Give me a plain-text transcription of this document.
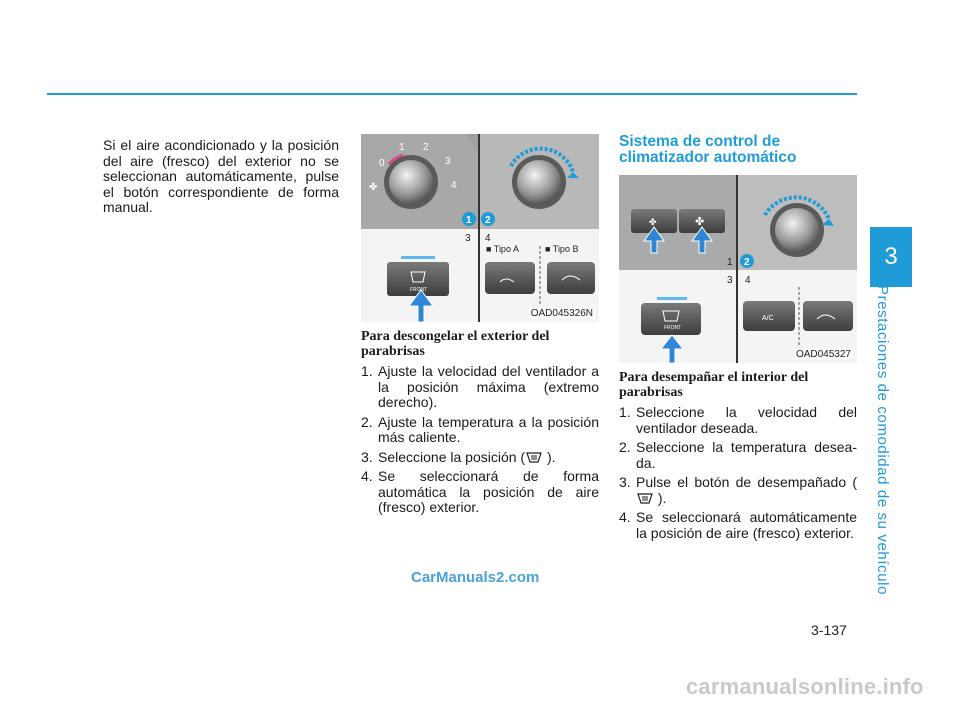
Si el aire acondicionado y la posición del aire (fresco) del exterior no se seleccionan automáticamente, pulse el botón correspondiente de forma manual.

0
1 2
3
4
✤
1 2
3 4
■ Tipo A	■ Tipo B
FRONT
OAD045326N

Para descongelar el exterior del parabrisas

1. Ajuste la velocidad del ventilador a la posición máxima (extremo derecho).

2. Ajuste la temperatura a la posición más caliente.

3. Seleccione la posición ( ).

4. Se seleccionará de forma automática la posición de aire (fresco) exterior.

Sistema de control de climatizador automático
✤	✤
1 2
3 4
FRONT
A/C
OAD045327

Para desempañar el interior del parabrisas

1. Seleccione la velocidad del ventilador deseada.

2. Seleccione la temperatura desea-da.

3. Pulse el botón de desempañado ( ).

4. Se seleccionará automáticamente la posición de aire (fresco) exterior.

3
Prestaciones de comodidad de su vehículo
3-137
CarManuals2.com
carmanualsonline.info
